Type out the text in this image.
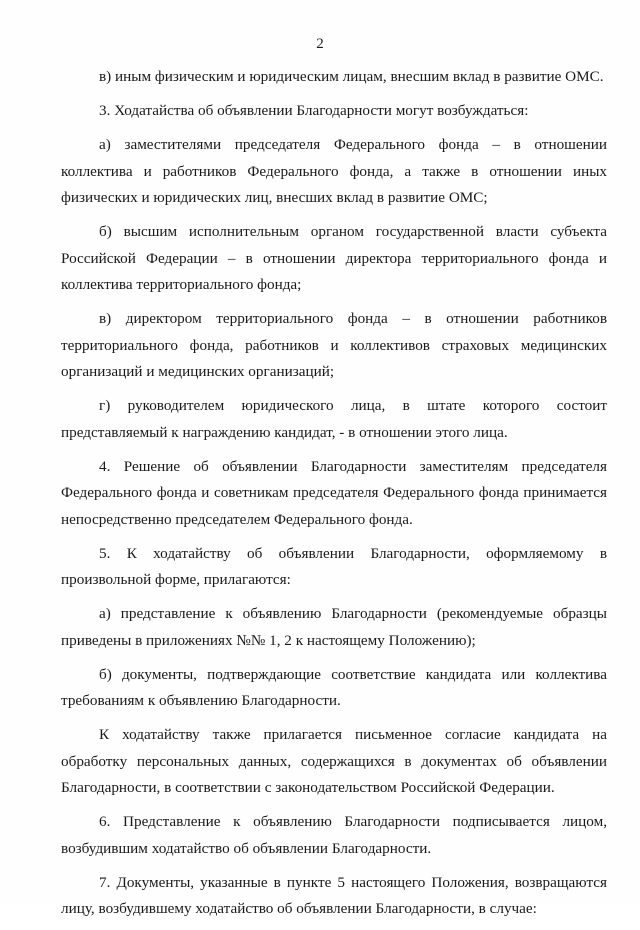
2

в) иным физическим и юридическим лицам, внесшим вклад в развитие ОМС.

3. Ходатайства об объявлении Благодарности могут возбуждаться:

а) заместителями председателя Федерального фонда – в отношении коллектива и работников Федерального фонда, а также в отношении иных физических и юридических лиц, внесших вклад в развитие ОМС;

б) высшим исполнительным органом государственной власти субъекта Российской Федерации – в отношении директора территориального фонда и коллектива территориального фонда;

в) директором территориального фонда – в отношении работников территориального фонда, работников и коллективов страховых медицинских организаций и медицинских организаций;

г) руководителем юридического лица, в штате которого состоит представляемый к награждению кандидат, - в отношении этого лица.

4. Решение об объявлении Благодарности заместителям председателя Федерального фонда и советникам председателя Федерального фонда принимается непосредственно председателем Федерального фонда.

5. К ходатайству об объявлении Благодарности, оформляемому в произвольной форме, прилагаются:

а) представление к объявлению Благодарности (рекомендуемые образцы приведены в приложениях №№ 1, 2 к настоящему Положению);

б) документы, подтверждающие соответствие кандидата или коллектива требованиям к объявлению Благодарности.

К ходатайству также прилагается письменное согласие кандидата на обработку персональных данных, содержащихся в документах об объявлении Благодарности, в соответствии с законодательством Российской Федерации.

6. Представление к объявлению Благодарности подписывается лицом, возбудившим ходатайство об объявлении Благодарности.

7. Документы, указанные в пункте 5 настоящего Положения, возвращаются лицу, возбудившему ходатайство об объявлении Благодарности, в случае:
